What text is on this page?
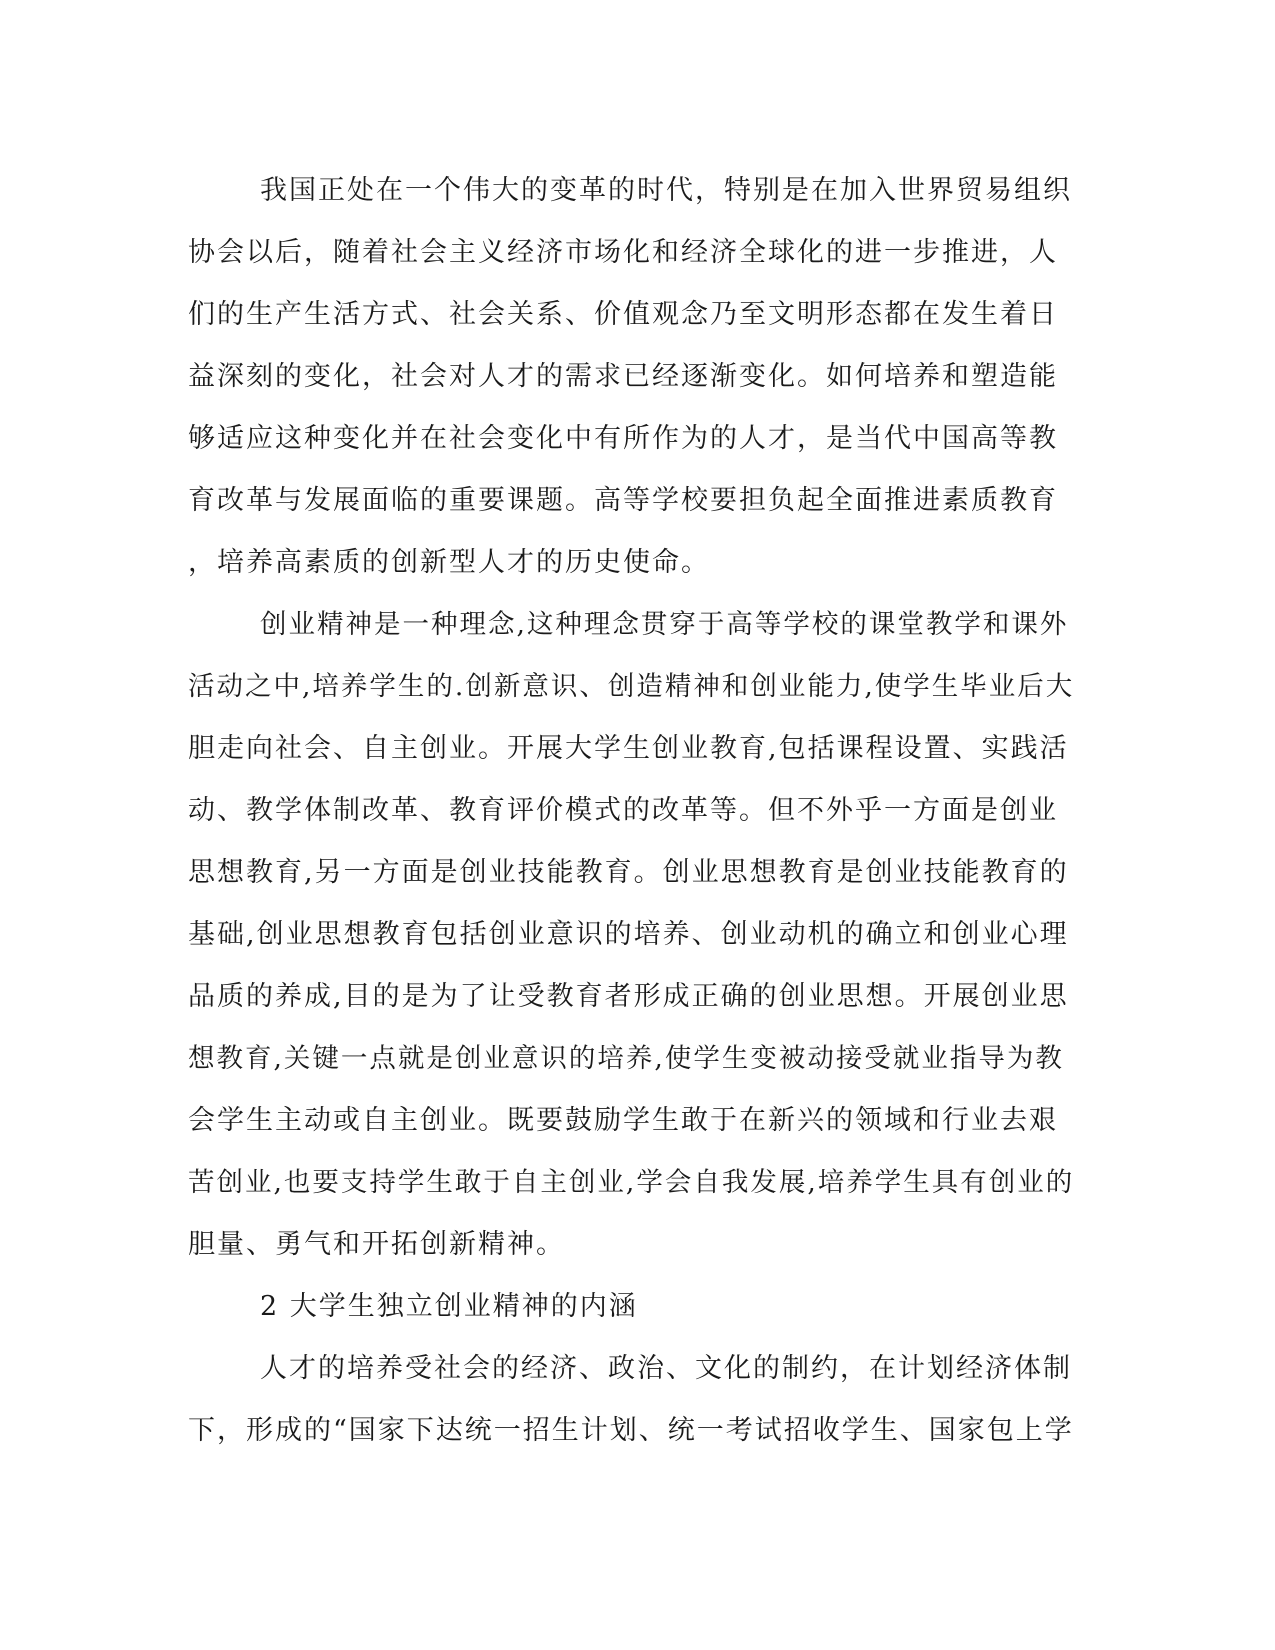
我国正处在一个伟大的变革的时代，特别是在加入世界贸易组织
协会以后，随着社会主义经济市场化和经济全球化的进一步推进，人
们的生产生活方式、社会关系、价值观念乃至文明形态都在发生着日
益深刻的变化，社会对人才的需求已经逐渐变化。如何培养和塑造能
够适应这种变化并在社会变化中有所作为的人才，是当代中国高等教
育改革与发展面临的重要课题。高等学校要担负起全面推进素质教育
，培养高素质的创新型人才的历史使命。
创业精神是一种理念,这种理念贯穿于高等学校的课堂教学和课外
活动之中,培养学生的.创新意识、创造精神和创业能力,使学生毕业后大
胆走向社会、自主创业。开展大学生创业教育,包括课程设置、实践活
动、教学体制改革、教育评价模式的改革等。但不外乎一方面是创业
思想教育,另一方面是创业技能教育。创业思想教育是创业技能教育的
基础,创业思想教育包括创业意识的培养、创业动机的确立和创业心理
品质的养成,目的是为了让受教育者形成正确的创业思想。开展创业思
想教育,关键一点就是创业意识的培养,使学生变被动接受就业指导为教
会学生主动或自主创业。既要鼓励学生敢于在新兴的领域和行业去艰
苦创业,也要支持学生敢于自主创业,学会自我发展,培养学生具有创业的
胆量、勇气和开拓创新精神。
2 大学生独立创业精神的内涵
人才的培养受社会的经济、政治、文化的制约，在计划经济体制
下，形成的“国家下达统一招生计划、统一考试招收学生、国家包上学
